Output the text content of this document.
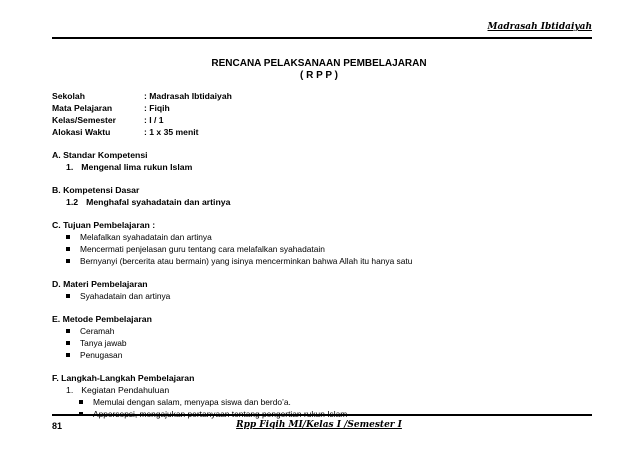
Madrasah Ibtidaiyah
RENCANA PELAKSANAAN PEMBELAJARAN
( R P P )
Sekolah	: Madrasah Ibtidaiyah
Mata Pelajaran	: Fiqih
Kelas/Semester	: I / 1
Alokasi Waktu	: 1 x 35 menit
A. Standar Kompetensi
1. Mengenal lima rukun Islam
B. Kompetensi Dasar
1.2 Menghafal syahadatain dan artinya
C. Tujuan Pembelajaran :
Melafalkan syahadatain dan artinya
Mencermati penjelasan guru tentang cara melafalkan syahadatain
Bernyanyi (bercerita atau bermain) yang isinya mencerminkan bahwa Allah itu hanya satu
D. Materi Pembelajaran
Syahadatain dan artinya
E. Metode Pembelajaran
Ceramah
Tanya jawab
Penugasan
F. Langkah-Langkah Pembelajaran
1. Kegiatan Pendahuluan
Memulai dengan salam, menyapa siswa dan berdo’a.
Appersepsi, mengajukan pertanyaan tentang pengertian rukun Islam
81	Rpp Fiqih MI/Kelas I /Semester I
